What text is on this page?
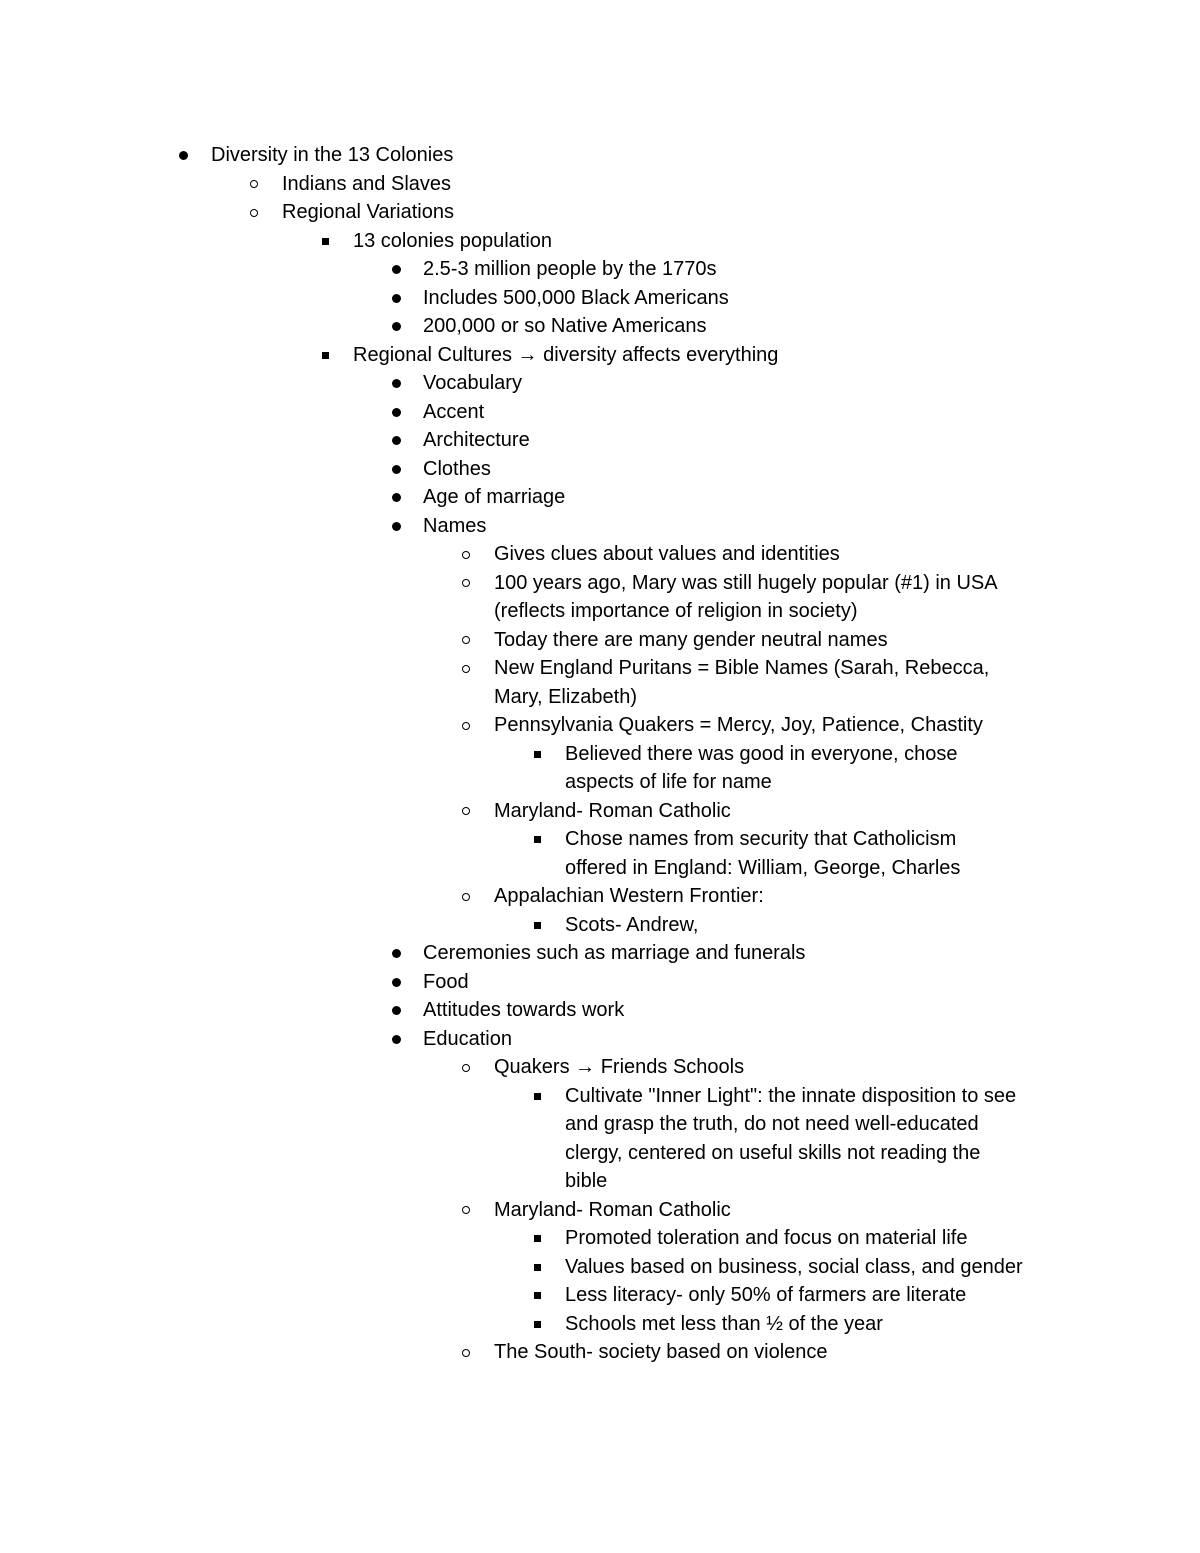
Diversity in the 13 Colonies
Indians and Slaves
Regional Variations
13 colonies population
2.5-3 million people by the 1770s
Includes 500,000 Black Americans
200,000 or so Native Americans
Regional Cultures → diversity affects everything
Vocabulary
Accent
Architecture
Clothes
Age of marriage
Names
Gives clues about values and identities
100 years ago, Mary was still hugely popular (#1) in USA
(reflects importance of religion in society)
Today there are many gender neutral names
New England Puritans = Bible Names (Sarah, Rebecca,
Mary, Elizabeth)
Pennsylvania Quakers = Mercy, Joy, Patience, Chastity
Believed there was good in everyone, chose
aspects of life for name
Maryland- Roman Catholic
Chose names from security that Catholicism
offered in England: William, George, Charles
Appalachian Western Frontier:
Scots- Andrew,
Ceremonies such as marriage and funerals
Food
Attitudes towards work
Education
Quakers → Friends Schools
Cultivate "Inner Light": the innate disposition to see
and grasp the truth, do not need well-educated
clergy, centered on useful skills not reading the
bible
Maryland- Roman Catholic
Promoted toleration and focus on material life
Values based on business, social class, and gender
Less literacy- only 50% of farmers are literate
Schools met less than ½ of the year
The South- society based on violence
